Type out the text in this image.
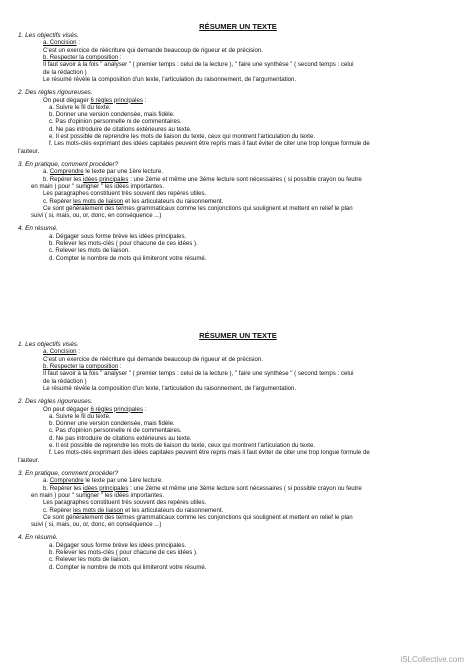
RÉSUMER UN TEXTE
1. Les objectifs visés.
a. Concision :
C'est un exercice de réécriture qui demande beaucoup de rigueur et de précision.
b. Respecter la composition :
Il faut savoir à la fois " analyser " ( premier temps : celui de la lecture ), " faire une synthèse " ( second temps : celui
de la rédaction )
Le résumé révèle la composition d'un texte, l'articulation du raisonnement, de l'argumentation.
2. Des règles rigoureuses.
On peut dégager 6 règles principales :
a. Suivre le fil du texte.
b. Donner une version condensée, mais fidèle.
c. Pas d'opinion personnelle ni de commentaires.
d. Ne pas introduire de citations extérieures au texte.
e. Il est possible de reprendre les mots de liaison du texte, ceux qui montrent l'articulation du texte.
f. Les mots-clés exprimant des idées capitales peuvent être repris mais il faut éviter de citer une trop longue formule de
l'auteur.
3. En pratique, comment procéder?
a. Comprendre le texte par une 1ère lecture.
b. Repérer les idées principales : une 2ème et même une 3ème lecture sont nécessaires ( si possible crayon ou feutre
en main ) pour " surligner " les idées importantes.
Les paragraphes constituent très souvent des repères utiles.
c. Repérer les mots de liaison et les articulateurs du raisonnement.
Ce sont généralement des termes grammaticaux comme les conjonctions qui soulignent et mettent en relief le plan
suivi ( si, mais, ou, or, donc, en conséquence ...)
4. En résumé.
a. Dégager sous forme brève les idées principales.
b. Relever les mots-clés ( pour chacune de ces idées ).
c. Relever les mots de liaison.
d. Compter le nombre de mots qui limiteront votre résumé.
RÉSUMER UN TEXTE
1. Les objectifs visés.
a. Concision :
C'est un exercice de réécriture qui demande beaucoup de rigueur et de précision.
b. Respecter la composition :
Il faut savoir à la fois " analyser " ( premier temps : celui de la lecture ), " faire une synthèse " ( second temps : celui
de la rédaction )
Le résumé révèle la composition d'un texte, l'articulation du raisonnement, de l'argumentation.
2. Des règles rigoureuses.
On peut dégager 6 règles principales :
a. Suivre le fil du texte.
b. Donner une version condensée, mais fidèle.
c. Pas d'opinion personnelle ni de commentaires.
d. Ne pas introduire de citations extérieures au texte.
e. Il est possible de reprendre les mots de liaison du texte, ceux qui montrent l'articulation du texte.
f. Les mots-clés exprimant des idées capitales peuvent être repris mais il faut éviter de citer une trop longue formule de
l'auteur.
3. En pratique, comment procéder?
a. Comprendre le texte par une 1ère lecture.
b. Repérer les idées principales : une 2ème et même une 3ème lecture sont nécessaires ( si possible crayon ou feutre
en main ) pour " surligner " les idées importantes.
Les paragraphes constituent très souvent des repères utiles.
c. Repérer les mots de liaison et les articulateurs du raisonnement.
Ce sont généralement des termes grammaticaux comme les conjonctions qui soulignent et mettent en relief le plan
suivi ( si, mais, ou, or, donc, en conséquence ...)
4. En résumé.
a. Dégager sous forme brève les idées principales.
b. Relever les mots-clés ( pour chacune de ces idées ).
c. Relever les mots de liaison.
d. Compter le nombre de mots qui limiteront votre résumé.
iSLCollective.com
